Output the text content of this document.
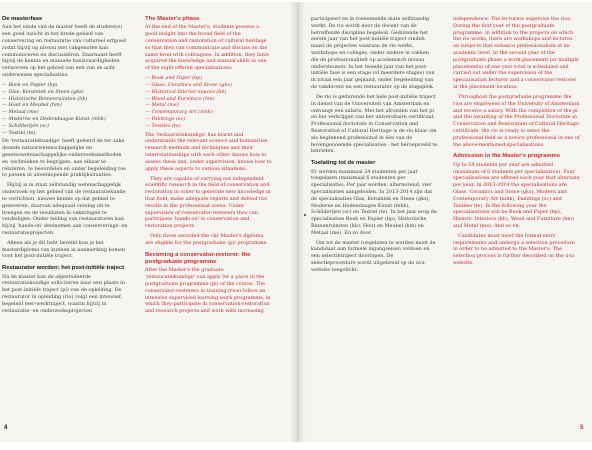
De masterfase

Aan het einde van de master heeft de student(e) een goed inzicht in het brede gebied van conservering en restauratie van cultureel erfgoed zodat hij/zij op niveau met vakgenoten kan communiceren en discussiëren. Daarnaast heeft hij/zij de kennis en manuele basisvaardigheden verworven op het gebied van een van de acht onderwezen specialisaties:

— Boek en Papier (bp)
— Glas, Keramiek en Steen (gks)
— Historische Binnenruimten (hb)
— Hout en Meubel (hm)
— Metaal (me)
— Moderne en Hedendaagse Kunst (mhk)
— Schilderijen (sc)
— Textiel (te)

De 'restauratiekundige' heeft geleerd de ter zake doende natuurwetenschappelijke en geesteswetenschappelijke onderzoeksmethoden en -technieken te begrijpen, aan elkaar te relateren, te beoordelen en onder begeleiding toe te passen in uiteenlopende praktijksituaties.

Hij/zij is in staat zelfstandig wetenschappelijk onderzoek op het gebied van de restauratiekunde te verrichten, nieuwe kennis op dat gebied te genereren, daarvan adequaat verslag uit te brengen en de resultaten in vakkringen te verdedigen. Onder leiding van restauratoren kan hij/zij 'hands-on' deelnemen aan conserverings- en restauratieprojecten.

Alleen als je dit hebt bereikt kun je het masterdiploma van kunnen in aanmerking komen voor het post-initiële traject.

Restaurator worden: het post-initiële traject

Na de master kan de afgestudeerde restauratiekundige solliciteren naar een plaats in het post-initiële traject (pi) van de opleiding. De restaurator in opleiding (rio) volgt een intensief, begeleid leer-werktraject, waarin hij/zij in restauratie- en onderzoeksprojecten

The Master's phase

At the end of the Master's, students possess a good insight into the broad field of the conservation and restoration of cultural heritage so that they can communicate and discuss on the same level with colleagues. In addition, they have acquired the knowledge and manual skills in one of the eight offered specialisations:

— Book and Paper (bp)
— Glass, Ceramics and Stone (gks)
— Historical Interior spaces (hb)
— Wood and Furniture (hm)
— Metal (me)
— Contemporary Art (mhk)
— Paintings (sc)
— Textiles (te)

The 'restauratiekundige' has learnt and understands the relevant science and humanities research methods and techniques and their interrelationships with each other, knows how to assess these and, under supervision, knows how to apply these aspects to various situations.

They are capable of carrying out independent scientific research in the field of conservation and restoration in order to generate new knowledge in that field, make adequate reports and defend the results in the professional arena. Under supervision of conservator-restorers they can participate 'hands-on' in conservation and restoration projects.

Only those awarded the ckr Master's diploma are eligible for the postgraduate (pi) programme.

Becoming a conservator-restorer: the postgraduate programme

After the Master's the graduate 'restauratiekundige' can apply for a place in the postgraduate programme (pi) of the course. The conservator-restorers in training (rios) follow an intensive supervised learning-work programme, in which they participate in conservation-restoration and research projects and work with increasing

participeert en in toenemende mate zelfstandig werkt. De rio wordt door de docent van de betreffende discipline begeleid. Gedurende het eerste jaar van het post-initiële traject vinden, naast de projecten waaraan de rio werkt, workshops en colleges, onder andere in vakken die de professionaliteit op academisch niveau ondersteunen. In het tweede jaar van het post-initiële fase is een stage (of meerdere stages) van in totaal een jaar gepland, onder begeleiding van de vakdocent en een restaurator op de stageplek.

De rio is gedurende het hele post-initiële traject in dienst van de Universiteit van Amsterdam en ontvangt een salaris. Met het afronden van het pi en het verkrijgen van het universitaire certificaat Professional doctorate in Conservation and Restoration of Cultural Heritage is de rio klaar om als beginnend professional in één van de bovengenoemde specialisaties - het beroepsveld te betreden.

Toelating tot de master

Er worden maximaal 24 studenten per jaar toegelaten (maximaal 6 studenten per specialisatie). Per jaar worden, alternerend, vier specialisaties aangeboden. In 2013-2014 zijn dat de specialisaties Glas, Keramiek en Steen (gks), Moderne en Hedendaagse Kunst (mhk), Schilderijen (sc) en Textiel (te). In het jaar erop de specialisaties Boek en Papier (bp), Historische Binnenruimten (hb), Hout en Meubel (hm) en Metaal (me). En zo door.

Om tot de master toegelaten te worden moet de kandidaat aan formele ingangseisen voldoen en een selectietraject doorlopen. De selectieprocedure wordt uitgebreid op de uva website toegelicht.

independence. The lecturers supervise the rios. During the first year of the postgraduate programme, in addition to the projects on which the rio works, there are workshops and lectures on subjects that enhance professionalism at an academic level. In the second year of the postgraduate phase a work placement (or multiple placements) of one year total is scheduled and carried out under the supervision of the specialisation lecturer and a conservator-restorer at the placement location.

Throughout the postgraduate programme the rios are employees of the University of Amsterdam and receive a salary. With the completion of the pi and the awarding of the Professional Doctorate in Conservation and Restoration of Cultural Heritage certificate, the rio is ready to enter the professional field as a novice professional in one of the above-mentioned specialisations.

Admission to the Master's programme

Up to 24 students per year are admitted (maximum of 6 students per specialisation). Four specialisations are offered each year that alternate per year. In 2013-2014 the specialisations are Glass, Ceramics and Stone (gks), Modern and Contemporary Art (mhk), Paintings (sc) and Textiles (te). In the following year the specialisations will be Book and Paper (bp), Historic Interiors (hb), Wood and Furniture (hm) and Metal (me). And so on.

Candidates must meet the formal entry requirements and undergo a selection procedure in order to be admitted to the Master's. The selection process is further described on the uva website.

4	5
